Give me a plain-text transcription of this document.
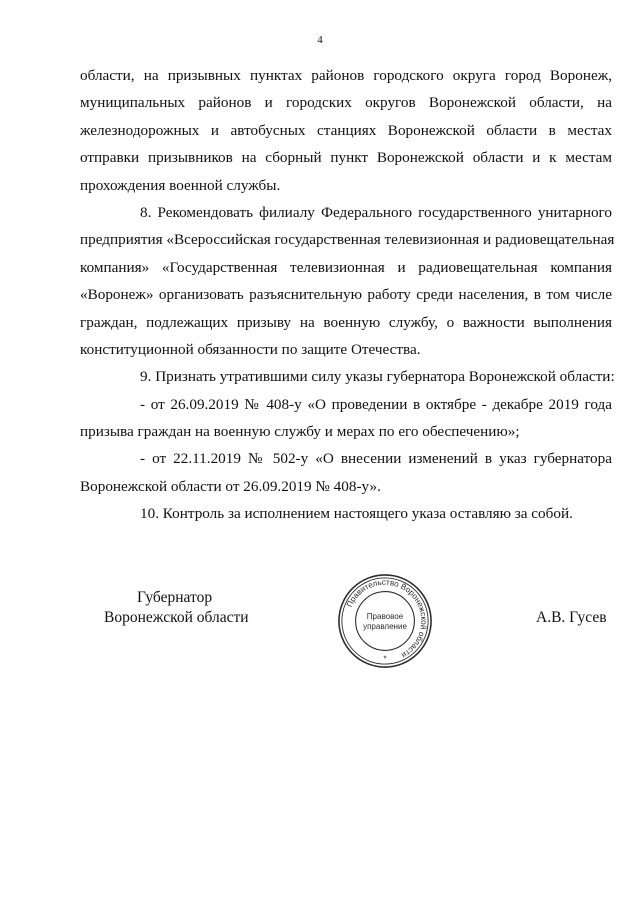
4
области, на призывных пунктах районов городского округа город Воронеж,
муниципальных районов и городских округов Воронежской области, на
железнодорожных и автобусных станциях Воронежской области в местах
отправки призывников на сборный пункт Воронежской области и к местам
прохождения военной службы.
8. Рекомендовать филиалу Федерального государственного унитарного
предприятия «Всероссийская государственная телевизионная и радиовещательная
компания» «Государственная телевизионная и радиовещательная компания
«Воронеж» организовать разъяснительную работу среди населения, в том числе
граждан, подлежащих призыву на военную службу, о важности выполнения
конституционной обязанности по защите Отечества.
9. Признать утратившими силу указы губернатора Воронежской области:
- от 26.09.2019 № 408-у «О проведении в октябре - декабре 2019 года
призыва граждан на военную службу и мерах по его обеспечению»;
- от 22.11.2019 № 502-у «О внесении изменений в указ губернатора
Воронежской области от 26.09.2019 № 408-у».
10. Контроль за исполнением настоящего указа оставляю за собой.
Губернатор
Воронежской области	А.В. Гусев
Правительство Воронежской области
Правовое
управление
*
